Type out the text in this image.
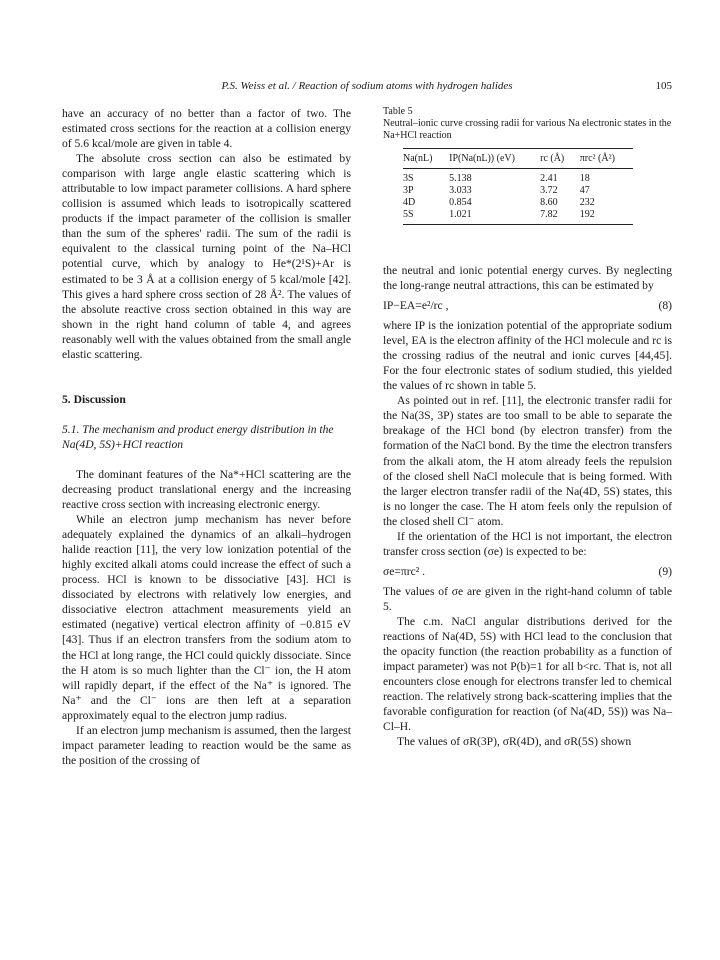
P.S. Weiss et al. / Reaction of sodium atoms with hydrogen halides	105

have an accuracy of no better than a factor of two. The estimated cross sections for the reaction at a collision energy of 5.6 kcal/mole are given in table 4.

The absolute cross section can also be estimated by comparison with large angle elastic scattering which is attributable to low impact parameter collisions. A hard sphere collision is assumed which leads to isotropically scattered products if the impact parameter of the collision is smaller than the sum of the spheres' radii. The sum of the radii is equivalent to the classical turning point of the Na–HCl potential curve, which by analogy to He*(2¹S)+Ar is estimated to be 3 Å at a collision energy of 5 kcal/mole [42]. This gives a hard sphere cross section of 28 Å². The values of the absolute reactive cross section obtained in this way are shown in the right hand column of table 4, and agrees reasonably well with the values obtained from the small angle elastic scattering.

5. Discussion

5.1. The mechanism and product energy distribution in the Na(4D, 5S)+HCl reaction

The dominant features of the Na*+HCl scattering are the decreasing product translational energy and the increasing reactive cross section with increasing electronic energy.

While an electron jump mechanism has never before adequately explained the dynamics of an alkali–hydrogen halide reaction [11], the very low ionization potential of the highly excited alkali atoms could increase the effect of such a process. HCl is known to be dissociative [43]. HCl is dissociated by electrons with relatively low energies, and dissociative electron attachment measurements yield an estimated (negative) vertical electron affinity of −0.815 eV [43]. Thus if an electron transfers from the sodium atom to the HCl at long range, the HCl could quickly dissociate. Since the H atom is so much lighter than the Cl⁻ ion, the H atom will rapidly depart, if the effect of the Na⁺ is ignored. The Na⁺ and the Cl⁻ ions are then left at a separation approximately equal to the electron jump radius.

If an electron jump mechanism is assumed, then the largest impact parameter leading to reaction would be the same as the position of the crossing of

Table 5
Neutral–ionic curve crossing radii for various Na electronic states in the Na+HCl reaction
Na(nL)	IP(Na(nL)) (eV)	rc (Å)	πrc² (Å²)
3S	5.138	2.41	18
3P	3.033	3.72	47
4D	0.854	8.60	232
5S	1.021	7.82	192

the neutral and ionic potential energy curves. By neglecting the long-range neutral attractions, this can be estimated by

IP−EA=e²/rc ,	(8)

where IP is the ionization potential of the appropriate sodium level, EA is the electron affinity of the HCl molecule and rc is the crossing radius of the neutral and ionic curves [44,45]. For the four electronic states of sodium studied, this yielded the values of rc shown in table 5.

As pointed out in ref. [11], the electronic transfer radii for the Na(3S, 3P) states are too small to be able to separate the breakage of the HCl bond (by electron transfer) from the formation of the NaCl bond. By the time the electron transfers from the alkali atom, the H atom already feels the repulsion of the closed shell NaCl molecule that is being formed. With the larger electron transfer radii of the Na(4D, 5S) states, this is no longer the case. The H atom feels only the repulsion of the closed shell Cl⁻ atom.

If the orientation of the HCl is not important, the electron transfer cross section (σe) is expected to be:

σe=πrc² .	(9)

The values of σe are given in the right-hand column of table 5.

The c.m. NaCl angular distributions derived for the reactions of Na(4D, 5S) with HCl lead to the conclusion that the opacity function (the reaction probability as a function of impact parameter) was not P(b)=1 for all b<rc. That is, not all encounters close enough for electrons transfer led to chemical reaction. The relatively strong back-scattering implies that the favorable configuration for reaction (of Na(4D, 5S)) was Na–Cl–H.

The values of σR(3P), σR(4D), and σR(5S) shown
